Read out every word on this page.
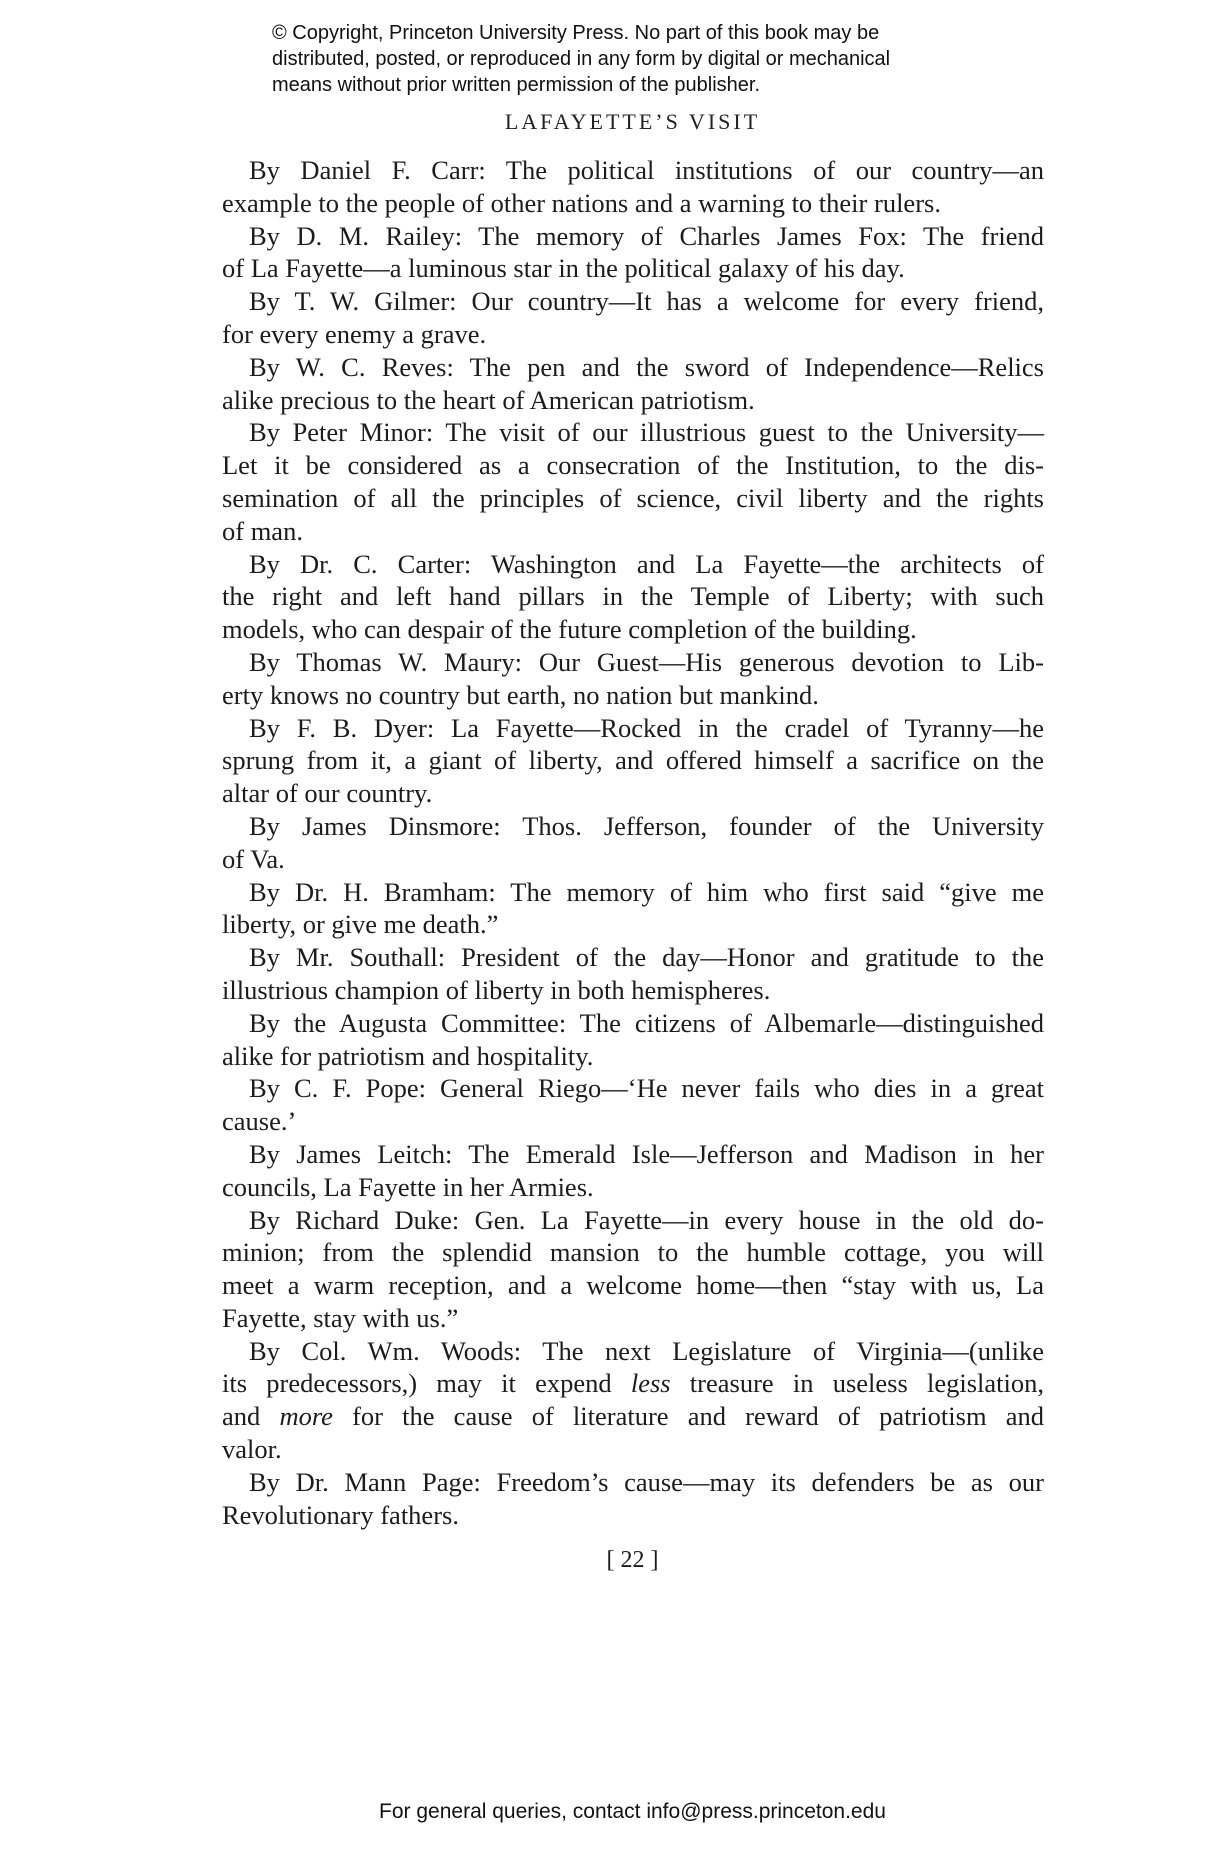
© Copyright, Princeton University Press. No part of this book may be
distributed, posted, or reproduced in any form by digital or mechanical
means without prior written permission of the publisher.
LAFAYETTE’S VISIT

By Daniel F. Carr: The political institutions of our country—an
example to the people of other nations and a warning to their rulers.

By D. M. Railey: The memory of Charles James Fox: The friend
of La Fayette—a luminous star in the political galaxy of his day.

By T. W. Gilmer: Our country—It has a welcome for every friend,
for every enemy a grave.

By W. C. Reves: The pen and the sword of Independence—Relics
alike precious to the heart of American patriotism.

By Peter Minor: The visit of our illustrious guest to the University—
Let it be considered as a consecration of the Institution, to the dis-
semination of all the principles of science, civil liberty and the rights
of man.

By Dr. C. Carter: Washington and La Fayette—the architects of
the right and left hand pillars in the Temple of Liberty; with such
models, who can despair of the future completion of the building.

By Thomas W. Maury: Our Guest—His generous devotion to Lib-
erty knows no country but earth, no nation but mankind.

By F. B. Dyer: La Fayette—Rocked in the cradel of Tyranny—he
sprung from it, a giant of liberty, and offered himself a sacrifice on the
altar of our country.

By James Dinsmore: Thos. Jefferson, founder of the University
of Va.

By Dr. H. Bramham: The memory of him who first said “give me
liberty, or give me death.”

By Mr. Southall: President of the day—Honor and gratitude to the
illustrious champion of liberty in both hemispheres.

By the Augusta Committee: The citizens of Albemarle—distinguished
alike for patriotism and hospitality.

By C. F. Pope: General Riego—‘He never fails who dies in a great
cause.’

By James Leitch: The Emerald Isle—Jefferson and Madison in her
councils, La Fayette in her Armies.

By Richard Duke: Gen. La Fayette—in every house in the old do-
minion; from the splendid mansion to the humble cottage, you will
meet a warm reception, and a welcome home—then “stay with us, La
Fayette, stay with us.”

By Col. Wm. Woods: The next Legislature of Virginia—(unlike
its predecessors,) may it expend less treasure in useless legislation,
and more for the cause of literature and reward of patriotism and
valor.

By Dr. Mann Page: Freedom’s cause—may its defenders be as our
Revolutionary fathers.

[ 22 ]
For general queries, contact info@press.princeton.edu
